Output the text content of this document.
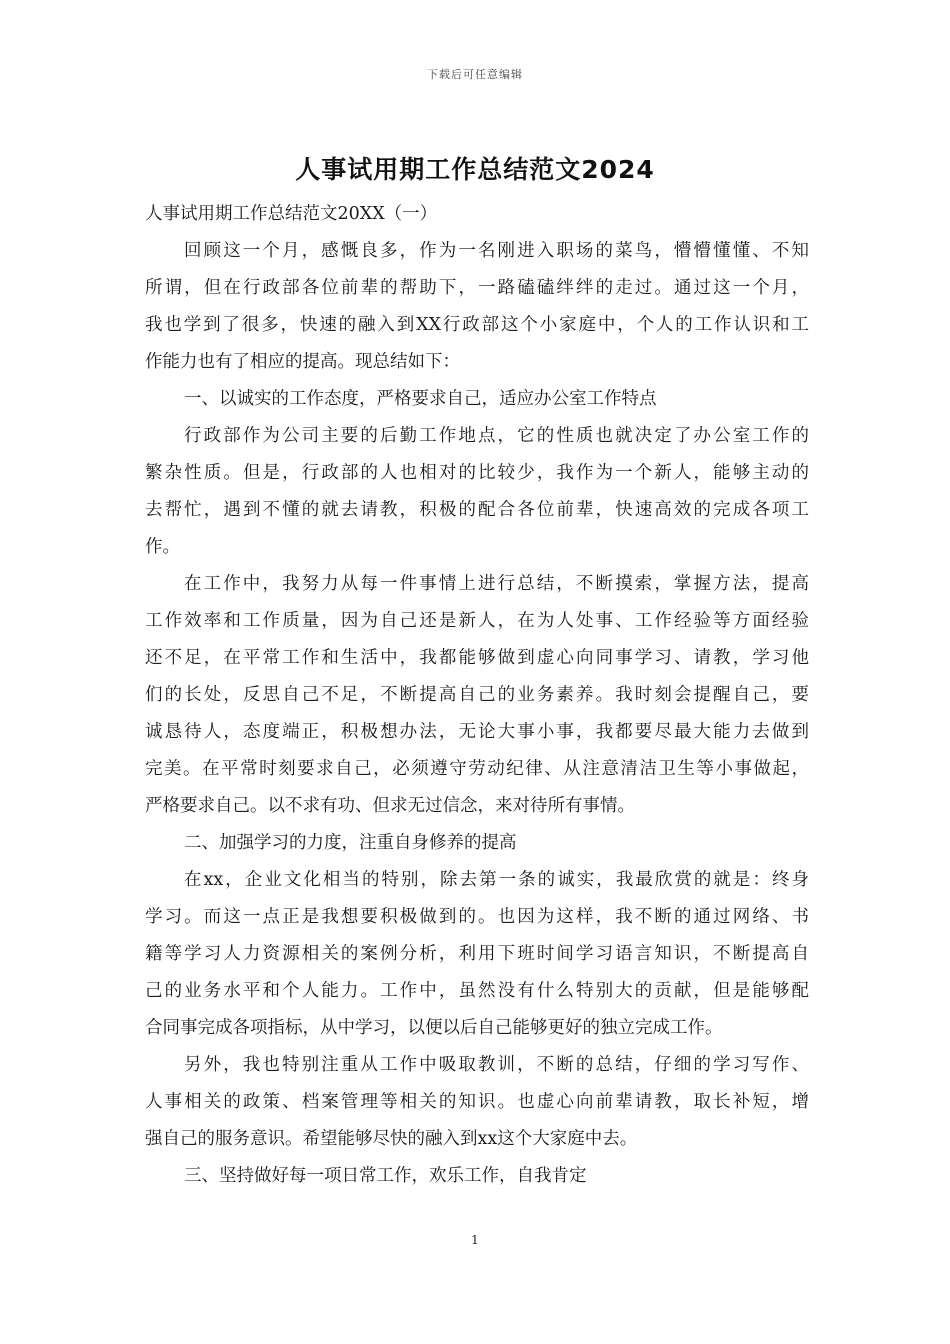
下载后可任意编辑
人事试用期工作总结范文2024
人事试用期工作总结范文20XX（一）
回顾这一个月，感慨良多，作为一名刚进入职场的菜鸟，懵懵懂懂、不知
所谓，但在行政部各位前辈的帮助下，一路磕磕绊绊的走过。通过这一个月，
我也学到了很多，快速的融入到XX行政部这个小家庭中，个人的工作认识和工
作能力也有了相应的提高。现总结如下：
一、以诚实的工作态度，严格要求自己，适应办公室工作特点
行政部作为公司主要的后勤工作地点，它的性质也就决定了办公室工作的
繁杂性质。但是，行政部的人也相对的比较少，我作为一个新人，能够主动的
去帮忙，遇到不懂的就去请教，积极的配合各位前辈，快速高效的完成各项工
作。
在工作中，我努力从每一件事情上进行总结，不断摸索，掌握方法，提高
工作效率和工作质量，因为自己还是新人，在为人处事、工作经验等方面经验
还不足，在平常工作和生活中，我都能够做到虚心向同事学习、请教，学习他
们的长处，反思自己不足，不断提高自己的业务素养。我时刻会提醒自己，要
诚恳待人，态度端正，积极想办法，无论大事小事，我都要尽最大能力去做到
完美。在平常时刻要求自己，必须遵守劳动纪律、从注意清洁卫生等小事做起，
严格要求自己。以不求有功、但求无过信念，来对待所有事情。
二、加强学习的力度，注重自身修养的提高
在xx，企业文化相当的特别，除去第一条的诚实，我最欣赏的就是：终身
学习。而这一点正是我想要积极做到的。也因为这样，我不断的通过网络、书
籍等学习人力资源相关的案例分析，利用下班时间学习语言知识，不断提高自
己的业务水平和个人能力。工作中，虽然没有什么特别大的贡献，但是能够配
合同事完成各项指标，从中学习，以便以后自己能够更好的独立完成工作。
另外，我也特别注重从工作中吸取教训，不断的总结，仔细的学习写作、
人事相关的政策、档案管理等相关的知识。也虚心向前辈请教，取长补短，增
强自己的服务意识。希望能够尽快的融入到xx这个大家庭中去。
三、坚持做好每一项日常工作，欢乐工作，自我肯定
1
